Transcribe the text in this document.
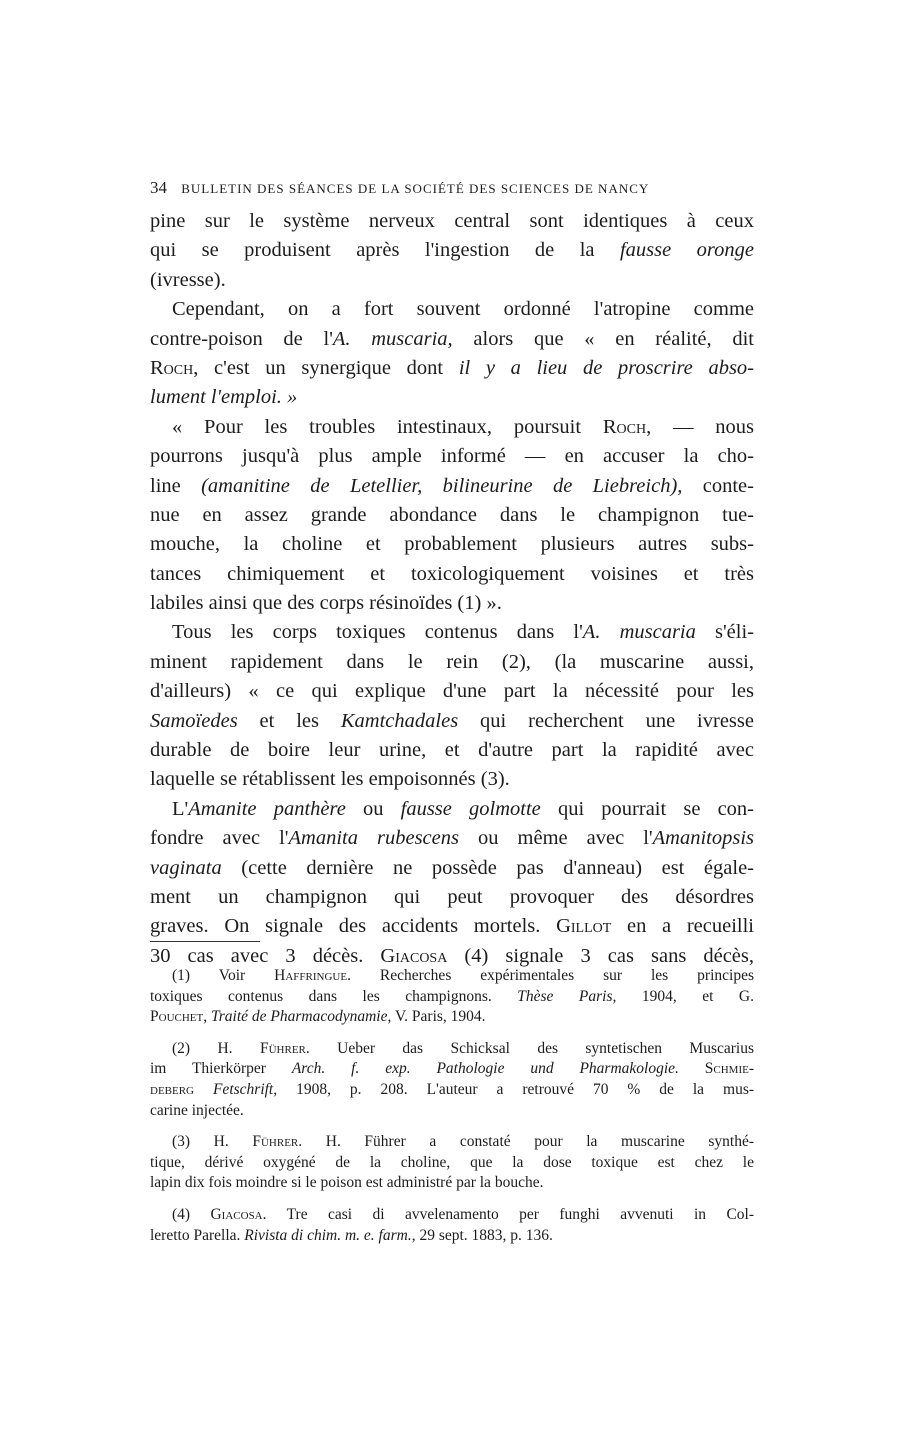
34 BULLETIN DES SÉANCES DE LA SOCIÉTÉ DES SCIENCES DE NANCY
pine sur le système nerveux central sont identiques à ceux
qui se produisent après l'ingestion de la fausse oronge
(ivresse).
Cependant, on a fort souvent ordonné l'atropine comme
contre-poison de l'A. muscaria, alors que « en réalité, dit
Roch, c'est un synergique dont il y a lieu de proscrire abso-
lument l'emploi. »
« Pour les troubles intestinaux, poursuit Roch, — nous
pourrons jusqu'à plus ample informé — en accuser la cho-
line (amanitine de Letellier, bilineurine de Liebreich), conte-
nue en assez grande abondance dans le champignon tue-
mouche, la choline et probablement plusieurs autres subs-
tances chimiquement et toxicologiquement voisines et très
labiles ainsi que des corps résinoïdes (1) ».
Tous les corps toxiques contenus dans l'A. muscaria s'éli-
minent rapidement dans le rein (2), (la muscarine aussi,
d'ailleurs) « ce qui explique d'une part la nécessité pour les
Samoïedes et les Kamtchadales qui recherchent une ivresse
durable de boire leur urine, et d'autre part la rapidité avec
laquelle se rétablissent les empoisonnés (3).
L'Amanite panthère ou fausse golmotte qui pourrait se con-
fondre avec l'Amanita rubescens ou même avec l'Amanitopsis
vaginata (cette dernière ne possède pas d'anneau) est égale-
ment un champignon qui peut provoquer des désordres
graves. On signale des accidents mortels. Gillot en a recueilli
30 cas avec 3 décès. Giacosa (4) signale 3 cas sans décès,
(1) Voir Haffringue. Recherches expérimentales sur les principes
toxiques contenus dans les champignons. Thèse Paris, 1904, et G.
Pouchet, Traité de Pharmacodynamie, V. Paris, 1904.
(2) H. Führer. Ueber das Schicksal des syntetischen Muscarius
im Thierkörper Arch. f. exp. Pathologie und Pharmakologie. Schmie-
deberg Fetschrift, 1908, p. 208. L'auteur a retrouvé 70 % de la mus-
carine injectée.
(3) H. Führer. H. Führer a constaté pour la muscarine synthé-
tique, dérivé oxygéné de la choline, que la dose toxique est chez le
lapin dix fois moindre si le poison est administré par la bouche.
(4) Giacosa. Tre casi di avvelenamento per funghi avvenuti in Col-
leretto Parella. Rivista di chim. m. e. farm., 29 sept. 1883, p. 136.
